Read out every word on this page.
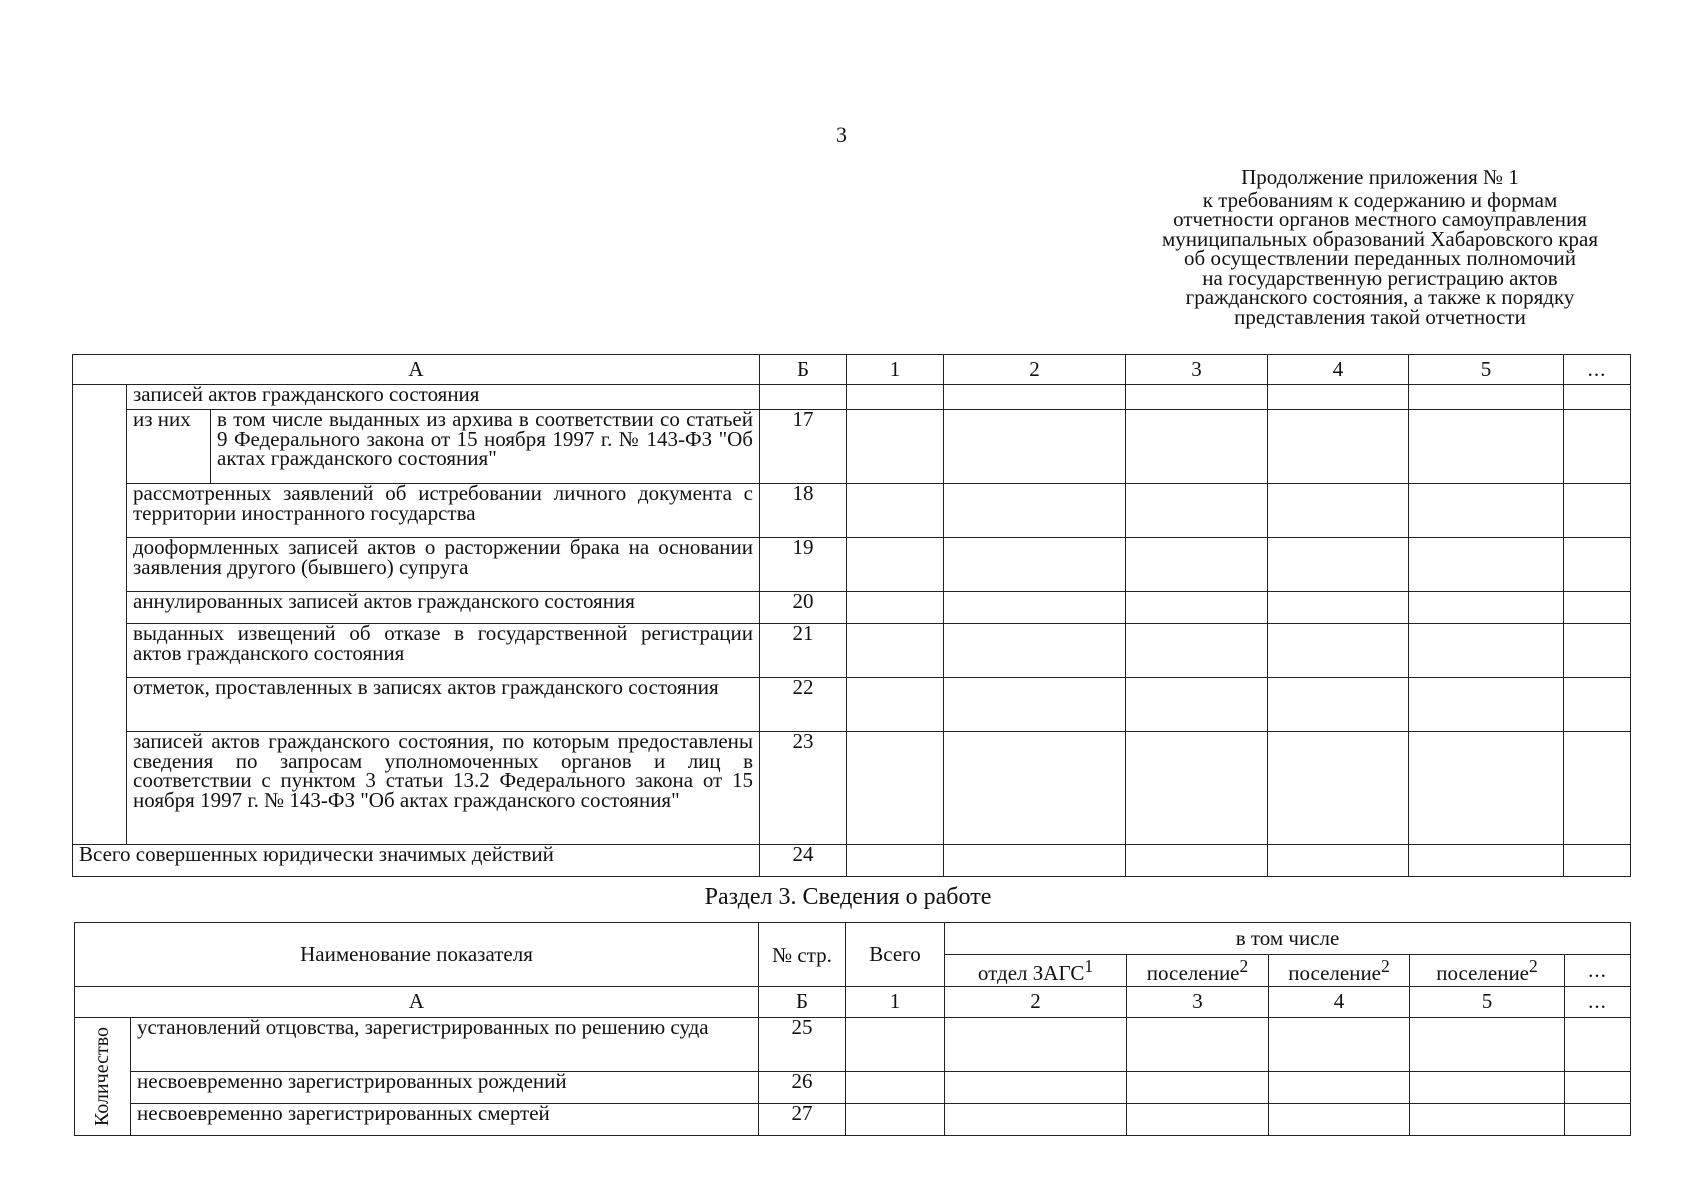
3
Продолжение приложения № 1
к требованиям к содержанию и формам
отчетности органов местного самоуправления
муниципальных образований Хабаровского края
об осуществлении переданных полномочий
на государственную регистрацию актов
гражданского состояния, а также к порядку
представления такой отчетности
А			Б	1	2	3	4	5	...
	записей актов гражданского состояния								
	из них	в том числе выданных из архива в соответствии со статьей 9 Федерального закона от 15 ноября 1997 г. № 143-ФЗ "Об актах гражданского состояния"	17						
	рассмотренных заявлений об истребовании личного документа с территории иностранного государства		18						
	дооформленных записей актов о расторжении брака на основании заявления другого (бывшего) супруга		19						
	аннулированных записей актов гражданского состояния		20						
	выданных извещений об отказе в государственной регистрации актов гражданского состояния		21						
	отметок, проставленных в записях актов гражданского состояния		22						
	записей актов гражданского состояния, по которым предоставлены сведения по запросам уполномоченных органов и лиц в соответствии с пунктом 3 статьи 13.2 Федерального закона от 15 ноября 1997 г. № 143-ФЗ "Об актах гражданского состояния"		23						
Всего совершенных юридически значимых действий			24						
Раздел 3. Сведения о работе
Наименование показателя		№ стр.	Всего	в том числе				
				отдел ЗАГС$^1$	поселение$^2$	поселение$^2$	поселение$^2$	...
А		Б	1	2	3	4	5	...

Количество	установлений отцовства, зарегистрированных по решению суда	25						
	несвоевременно зарегистрированных рождений	26						
	несвоевременно зарегистрированных смертей	27						
